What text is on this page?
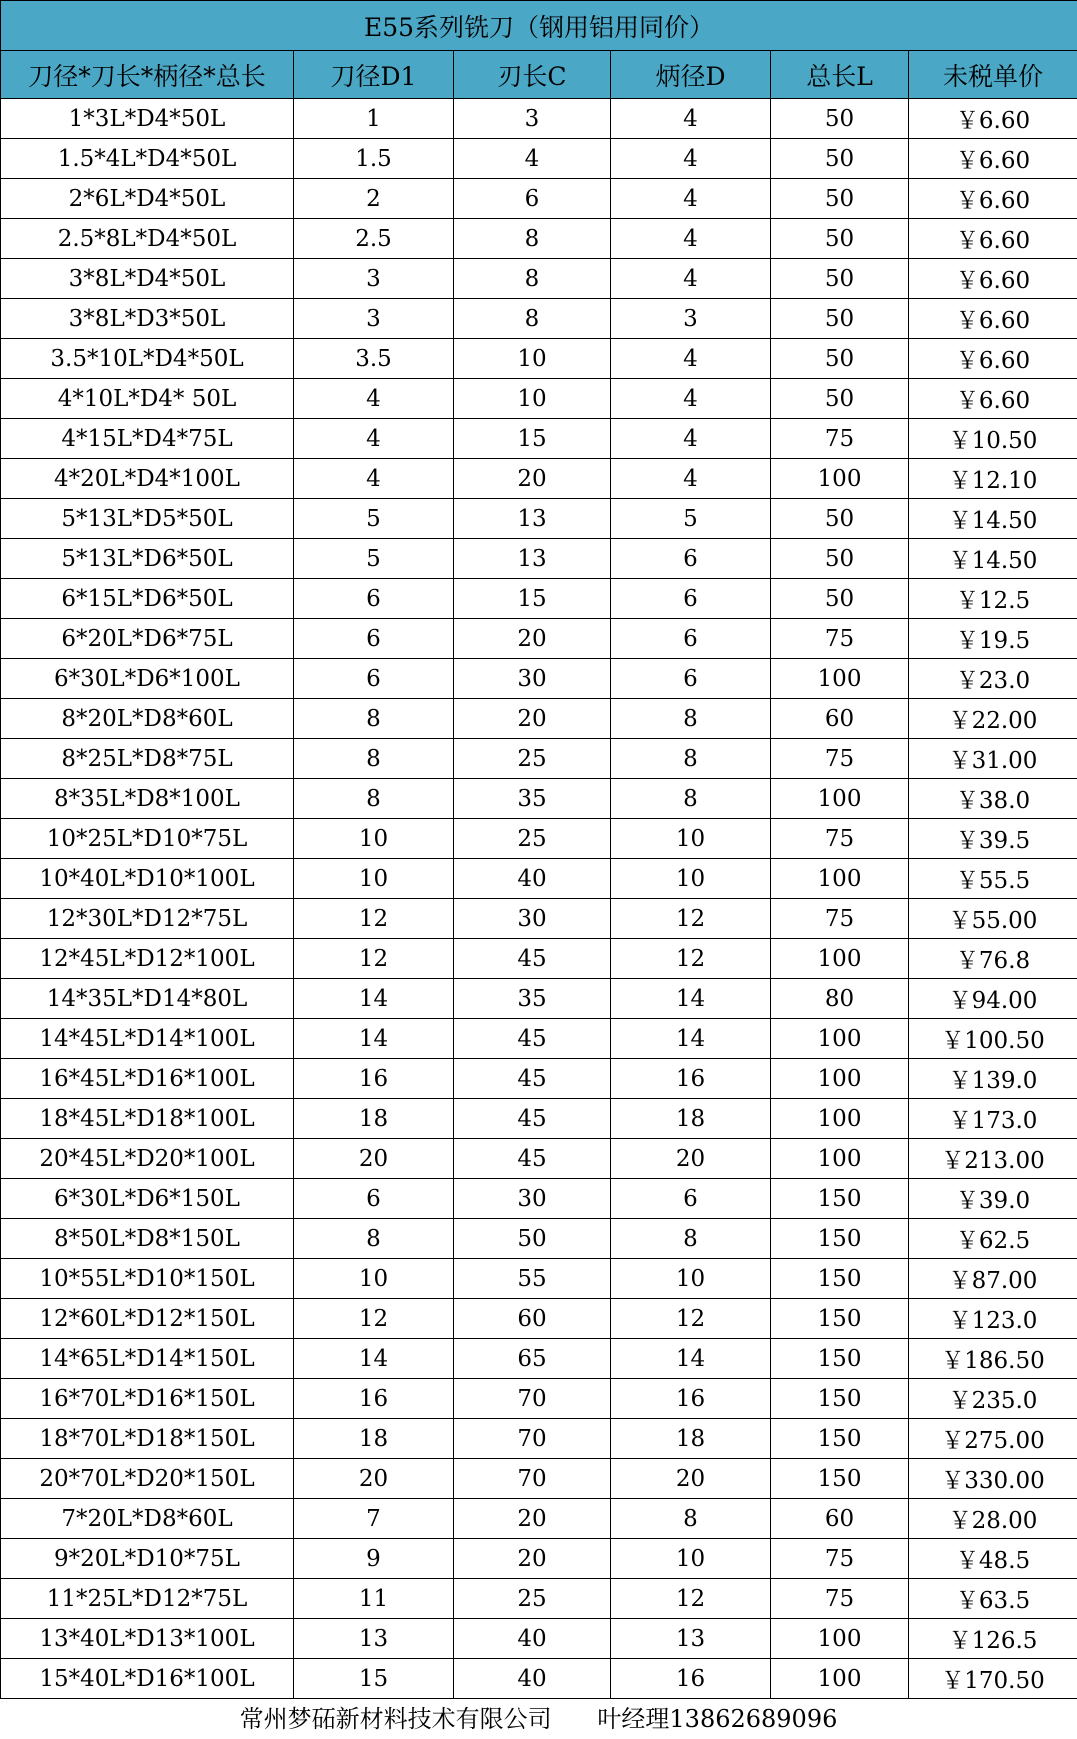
E55系列铣刀（钢用铝用同价）					
刀径*刀长*柄径*总长	刀径D1	刃长C	炳径D	总长L	未税单价
1*3L*D4*50L	1	3	4	50	￥6.60
1.5*4L*D4*50L	1.5	4	4	50	￥6.60
2*6L*D4*50L	2	6	4	50	￥6.60
2.5*8L*D4*50L	2.5	8	4	50	￥6.60
3*8L*D4*50L	3	8	4	50	￥6.60
3*8L*D3*50L	3	8	3	50	￥6.60
3.5*10L*D4*50L	3.5	10	4	50	￥6.60
4*10L*D4* 50L	4	10	4	50	￥6.60
4*15L*D4*75L	4	15	4	75	￥10.50
4*20L*D4*100L	4	20	4	100	￥12.10
5*13L*D5*50L	5	13	5	50	￥14.50
5*13L*D6*50L	5	13	6	50	￥14.50
6*15L*D6*50L	6	15	6	50	￥12.5
6*20L*D6*75L	6	20	6	75	￥19.5
6*30L*D6*100L	6	30	6	100	￥23.0
8*20L*D8*60L	8	20	8	60	￥22.00
8*25L*D8*75L	8	25	8	75	￥31.00
8*35L*D8*100L	8	35	8	100	￥38.0
10*25L*D10*75L	10	25	10	75	￥39.5
10*40L*D10*100L	10	40	10	100	￥55.5
12*30L*D12*75L	12	30	12	75	￥55.00
12*45L*D12*100L	12	45	12	100	￥76.8
14*35L*D14*80L	14	35	14	80	￥94.00
14*45L*D14*100L	14	45	14	100	￥100.50
16*45L*D16*100L	16	45	16	100	￥139.0
18*45L*D18*100L	18	45	18	100	￥173.0
20*45L*D20*100L	20	45	20	100	￥213.00
6*30L*D6*150L	6	30	6	150	￥39.0
8*50L*D8*150L	8	50	8	150	￥62.5
10*55L*D10*150L	10	55	10	150	￥87.00
12*60L*D12*150L	12	60	12	150	￥123.0
14*65L*D14*150L	14	65	14	150	￥186.50
16*70L*D16*150L	16	70	16	150	￥235.0
18*70L*D18*150L	18	70	18	150	￥275.00
20*70L*D20*150L	20	70	20	150	￥330.00
7*20L*D8*60L	7	20	8	60	￥28.00
9*20L*D10*75L	9	20	10	75	￥48.5
11*25L*D12*75L	11	25	12	75	￥63.5
13*40L*D13*100L	13	40	13	100	￥126.5
15*40L*D16*100L	15	40	16	100	￥170.50
常州梦砳新材料技术有限公司 叶经理13862689096
